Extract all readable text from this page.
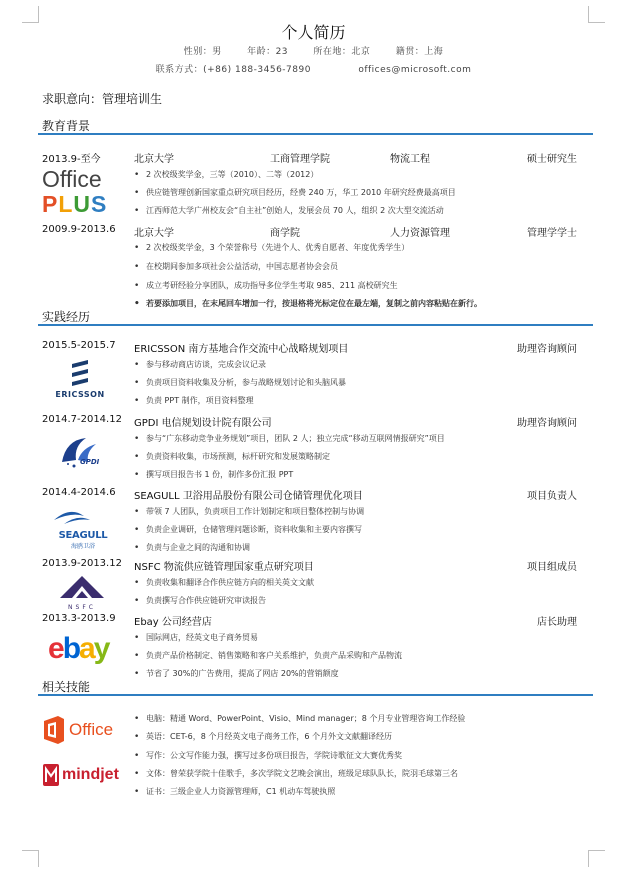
个人简历
性别：男	年龄：23	所在地：北京	籍贯：上海
联系方式：(+86) 188-3456-7890	offices@microsoft.com
求职意向：管理培训生
教育背景
2013.9-至今	北京大学	工商管理学院	物流工程	硕士研究生
• 2 次校级奖学金，三等（2010）、二等（2012）
• 供应链管理创新国家重点研究项目经历，经费 240 万，华工 2010 年研究经费最高项目
• 江西师范大学广州校友会“自主社”创始人，发展会员 70 人，组织 2 次大型交流活动
Office
PLUS
2009.9-2013.6 北京大学	商学院	人力资源管理	管理学学士
• 2 次校级奖学金，3 个荣誉称号（先进个人、优秀自愿者、年度优秀学生）
• 在校期间参加多项社会公益活动，中国志愿者协会会员
• 成立考研经验分享团队，成功指导多位学生考取 985、211 高校研究生
• 若要添加项目，在末尾回车增加一行，按退格将光标定位在最左端，复制之前内容粘贴在新行。
实践经历
2015.5-2015.7 ERICSSON 南方基地合作交流中心战略规划项目	助理咨询顾问
• 参与移动商店访谈，完成会议记录
• 负责项目资料收集及分析，参与战略规划讨论和头脑风暴
• 负责 PPT 制作，项目资料整理
ERICSSON
2014.7-2014.12 GPDI 电信规划设计院有限公司	助理咨询顾问
• 参与“广东移动竞争业务规划”项目，团队 2 人；独立完成“移动互联网情报研究”项目
• 负责资料收集，市场预测，标杆研究和发展策略制定
• 撰写项目报告书 1 份，制作多份汇报 PPT
GPDI
2014.4-2014.6 SEAGULL 卫浴用品股份有限公司仓储管理优化项目	项目负责人
• 带领 7 人团队，负责项目工作计划制定和项目整体控制与协调
• 负责企业调研，仓储管理问题诊断，资料收集和主要内容撰写
• 负责与企业之间的沟通和协调
SEAGULL
海鸥卫浴
2013.9-2013.12 NSFC 物流供应链管理国家重点研究项目	项目组成员
• 负责收集和翻译合作供应链方向的相关英文文献
• 负责撰写合作供应链研究审读报告
NSFC
2013.3-2013.9 Ebay 公司经营店	店长助理
• 国际网店，经英文电子商务贸易
• 负责产品价格制定、销售策略和客户关系维护，负责产品采购和产品物流
• 节省了 30%的广告费用，提高了网店 20%的营销额度
ebay
相关技能
• 电脑：精通 Word、PowerPoint、Visio、Mind manager；8 个月专业管理咨询工作经验
• 英语：CET-6，8 个月经英文电子商务工作，6 个月外文文献翻译经历
• 写作：公文写作能力强，撰写过多份项目报告，学院诗歌征文大赛优秀奖
• 文体：曾荣获学院十佳歌手，多次学院文艺晚会演出，班级足球队队长，院羽毛球第三名
• 证书：三级企业人力资源管理师，C1 机动车驾驶执照
Office
mindjet
